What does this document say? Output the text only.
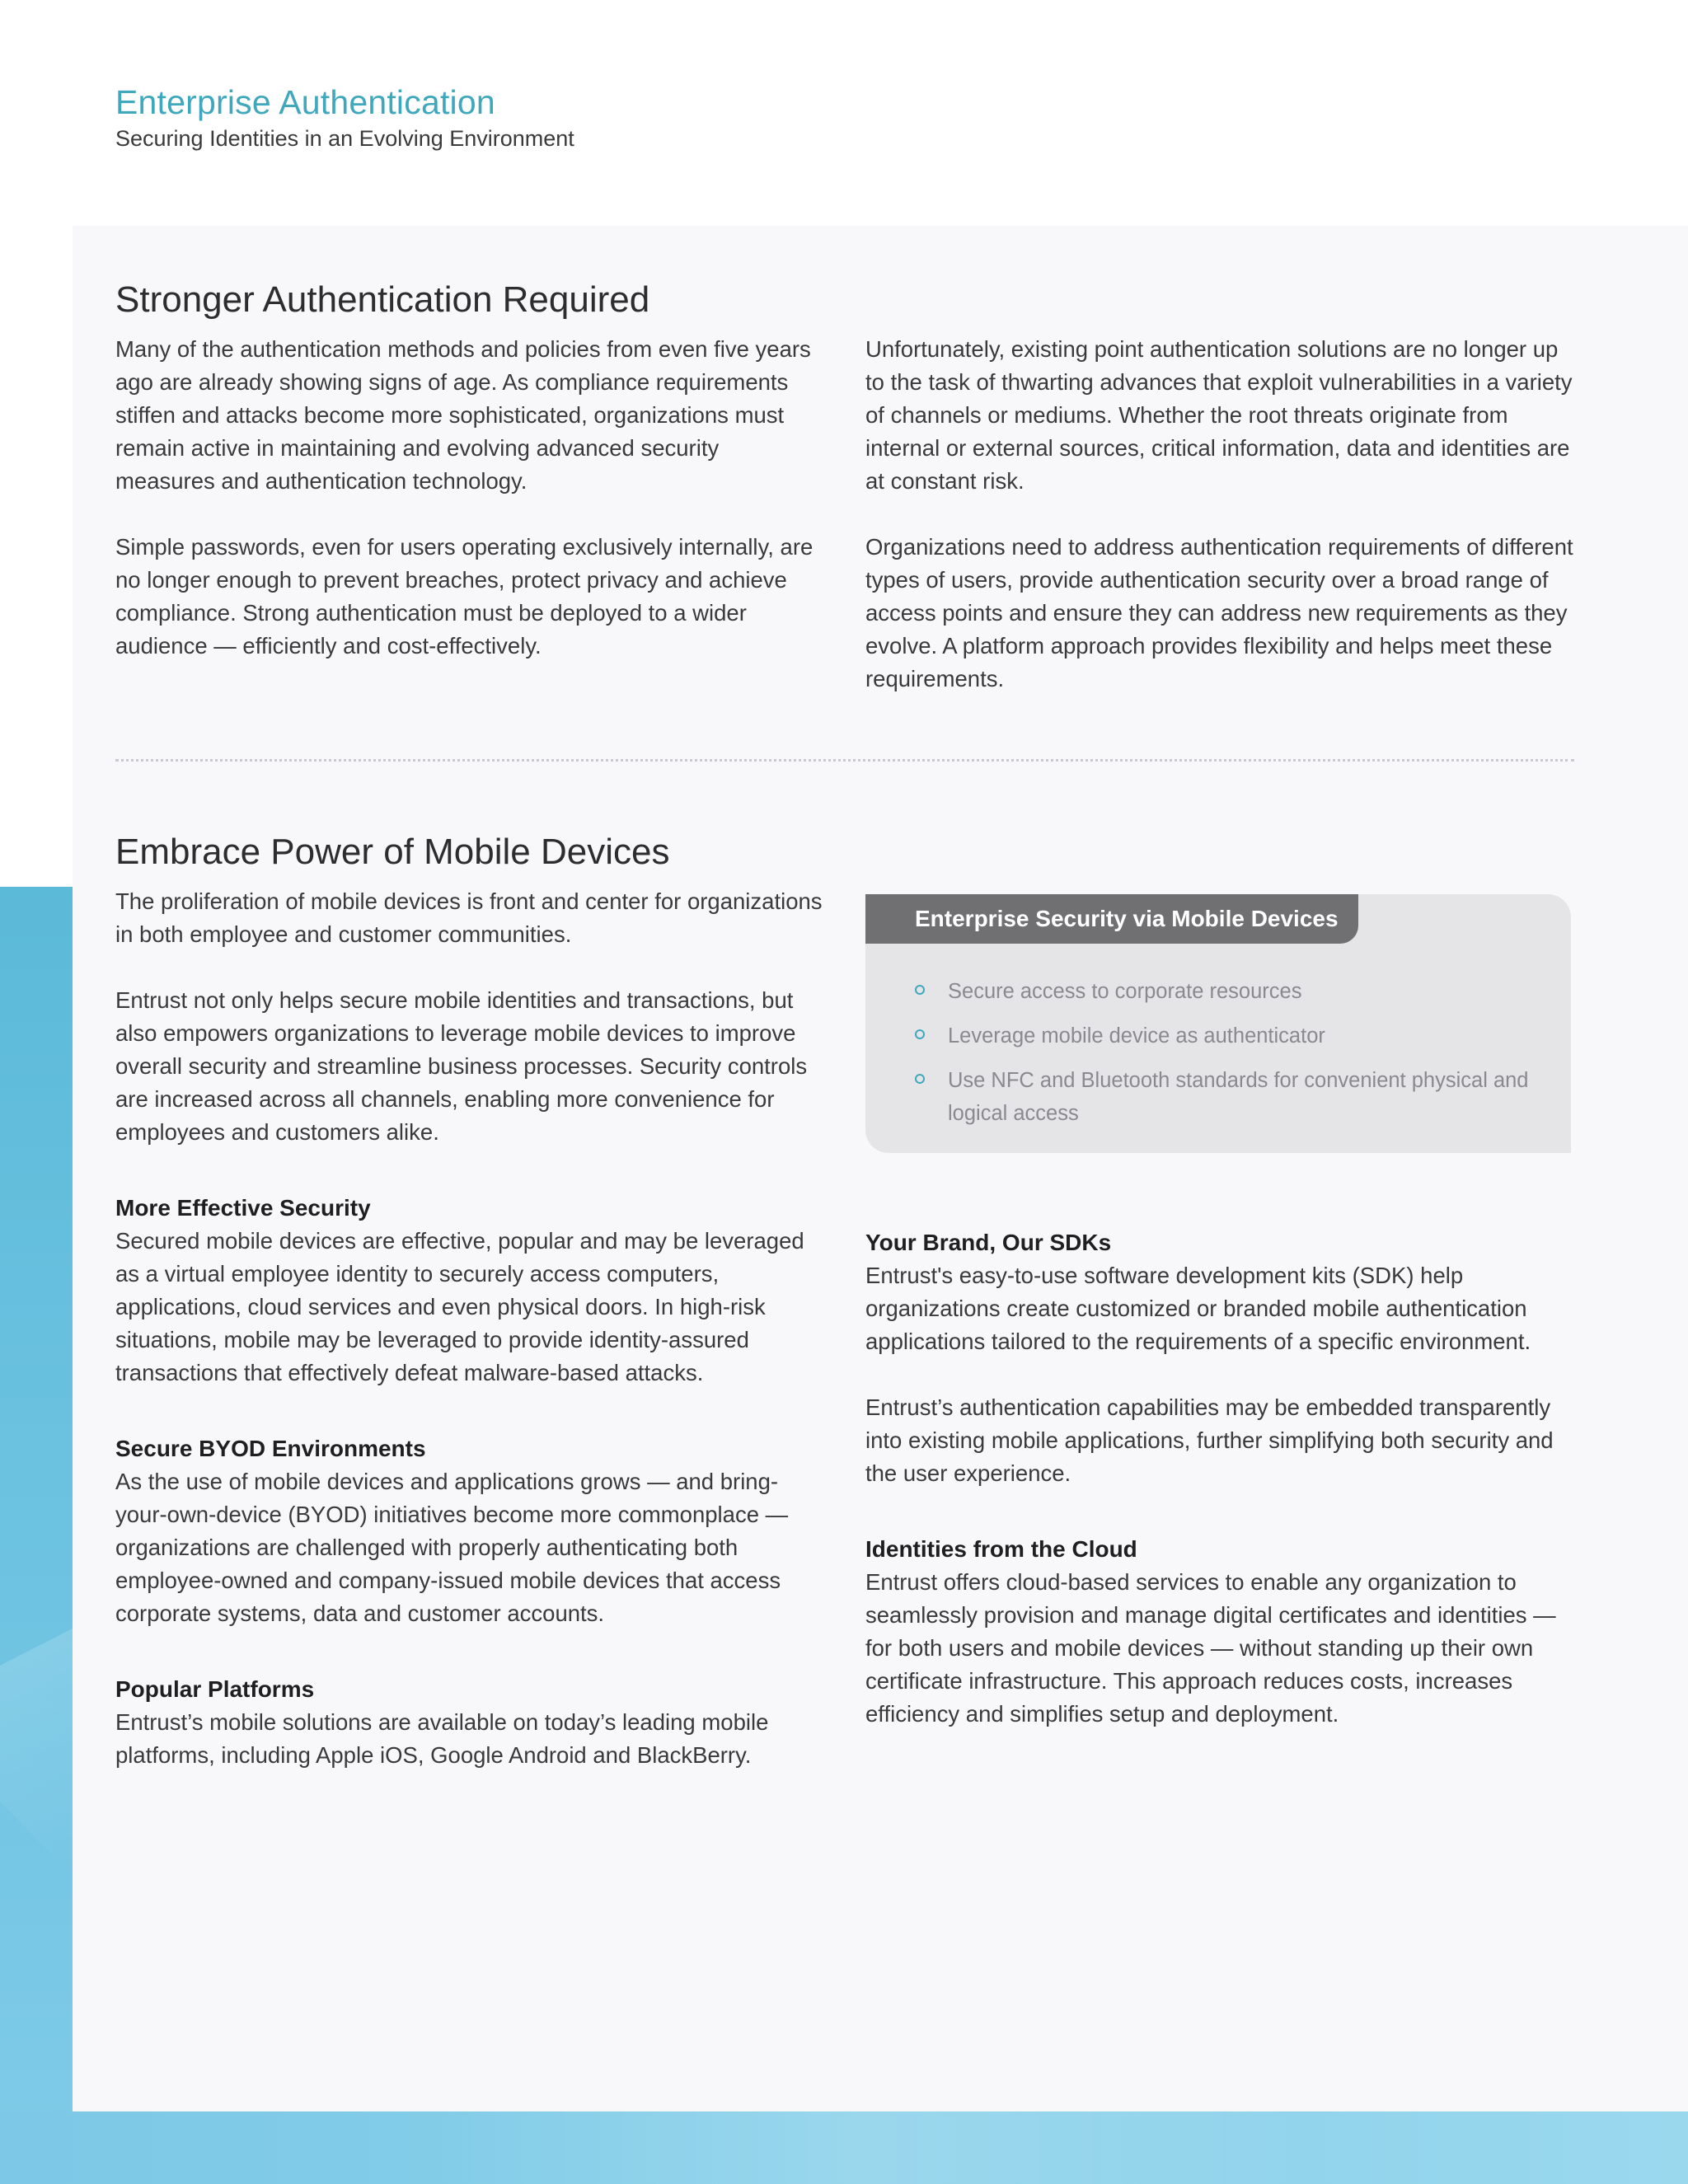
Enterprise Authentication
Securing Identities in an Evolving Environment
Stronger Authentication Required

Many of the authentication methods and policies from even five years ago are already showing signs of age. As compliance requirements stiffen and attacks become more sophisticated, organizations must remain active in maintaining and evolving advanced security measures and authentication technology.

Simple passwords, even for users operating exclusively internally, are no longer enough to prevent breaches, protect privacy and achieve compliance. Strong authentication must be deployed to a wider audience — efficiently and cost-effectively.

Unfortunately, existing point authentication solutions are no longer up to the task of thwarting advances that exploit vulnerabilities in a variety of channels or mediums. Whether the root threats originate from internal or external sources, critical information, data and identities are at constant risk.

Organizations need to address authentication requirements of different types of users, provide authentication security over a broad range of access points and ensure they can address new requirements as they evolve. A platform approach provides flexibility and helps meet these requirements.

Embrace Power of Mobile Devices

The proliferation of mobile devices is front and center for organizations in both employee and customer communities.

Entrust not only helps secure mobile identities and transactions, but also empowers organizations to leverage mobile devices to improve overall security and streamline business processes. Security controls are increased across all channels, enabling more convenience for employees and customers alike.

More Effective Security

Secured mobile devices are effective, popular and may be leveraged as a virtual employee identity to securely access computers, applications, cloud services and even physical doors. In high-risk situations, mobile may be leveraged to provide identity-assured transactions that effectively defeat malware-based attacks.

Secure BYOD Environments

As the use of mobile devices and applications grows — and bring-your-own-device (BYOD) initiatives become more commonplace — organizations are challenged with properly authenticating both employee-owned and company-issued mobile devices that access corporate systems, data and customer accounts.

Popular Platforms

Entrust’s mobile solutions are available on today’s leading mobile platforms, including Apple iOS, Google Android and BlackBerry.

Enterprise Security via Mobile Devices
Secure access to corporate resources
Leverage mobile device as authenticator
Use NFC and Bluetooth standards for convenient physical and logical access
Your Brand, Our SDKs

Entrust's easy-to-use software development kits (SDK) help organizations create customized or branded mobile authentication applications tailored to the requirements of a specific environment.

Entrust’s authentication capabilities may be embedded transparently into existing mobile applications, further simplifying both security and the user experience.

Identities from the Cloud

Entrust offers cloud-based services to enable any organization to seamlessly provision and manage digital certificates and identities — for both users and mobile devices — without standing up their own certificate infrastructure. This approach reduces costs, increases efficiency and simplifies setup and deployment.
